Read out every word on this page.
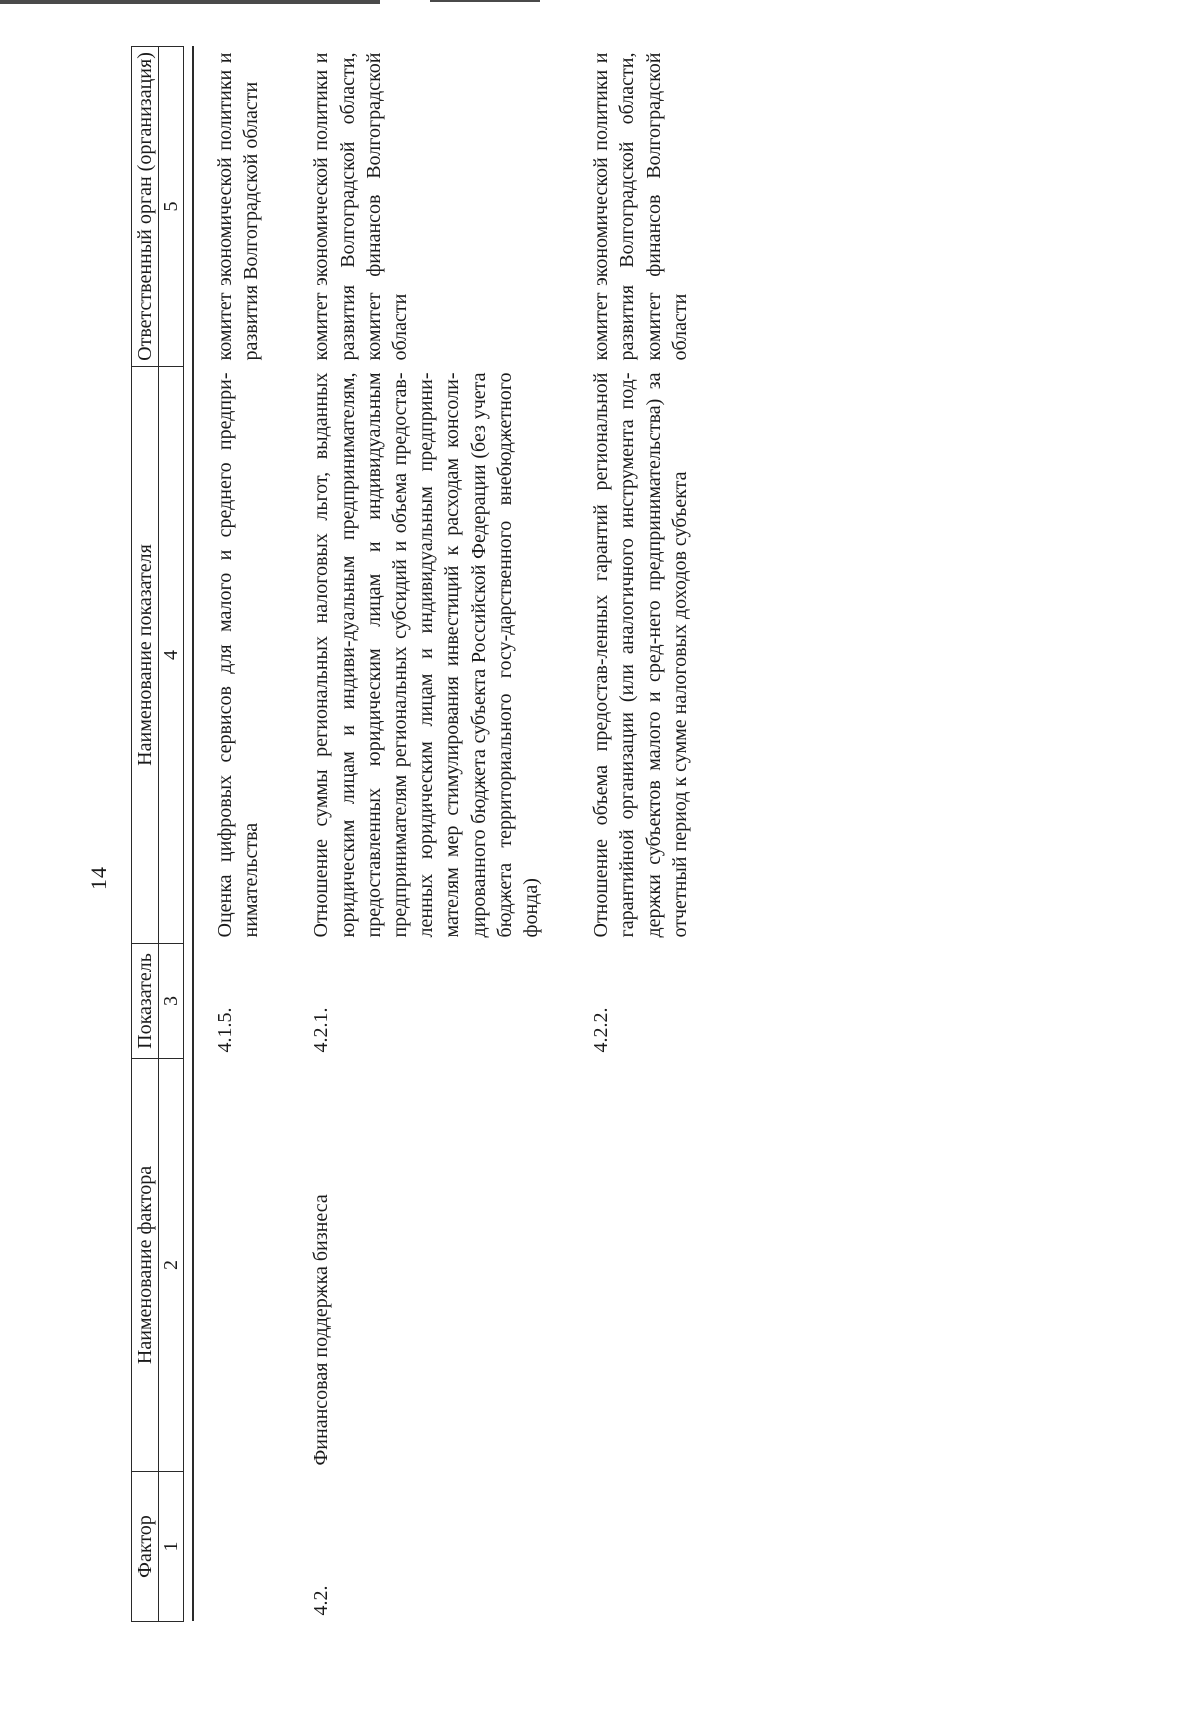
14
Фактор	Наименование фактора	Показатель	Наименование показателя	Ответственный орган (организация)
1	2	3	4	5

		4.1.5.	Оценка цифровых сервисов для малого и среднего предпри-нимательства	комитет экономической политики и развития Волгоградской области
4.2.	Финансовая поддержка бизнеса	4.2.1.	Отношение суммы региональных налоговых льгот, выданных юридическим лицам и индиви-дуальным предпринимателям, предоставленных юридическим лицам и индивидуальным предпринимателям региональных субсидий и объема предостав-ленных юридическим лицам и индивидуальным предприни-мателям мер стимулирования инвестиций к расходам консоли-дированного бюджета субъекта Российской Федерации (без учета бюджета территориального госу-дарственного внебюджетного фонда)	комитет экономической политики и развития Волгоградской области, комитет финансов Волгоградской области
		4.2.2.	Отношение объема предостав-ленных гарантий региональной гарантийной организации (или аналогичного инструмента под-держки субъектов малого и сред-него предпринимательства) за отчетный период к сумме налоговых доходов субъекта	комитет экономической политики и развития Волгоградской области, комитет финансов Волгоградской области
